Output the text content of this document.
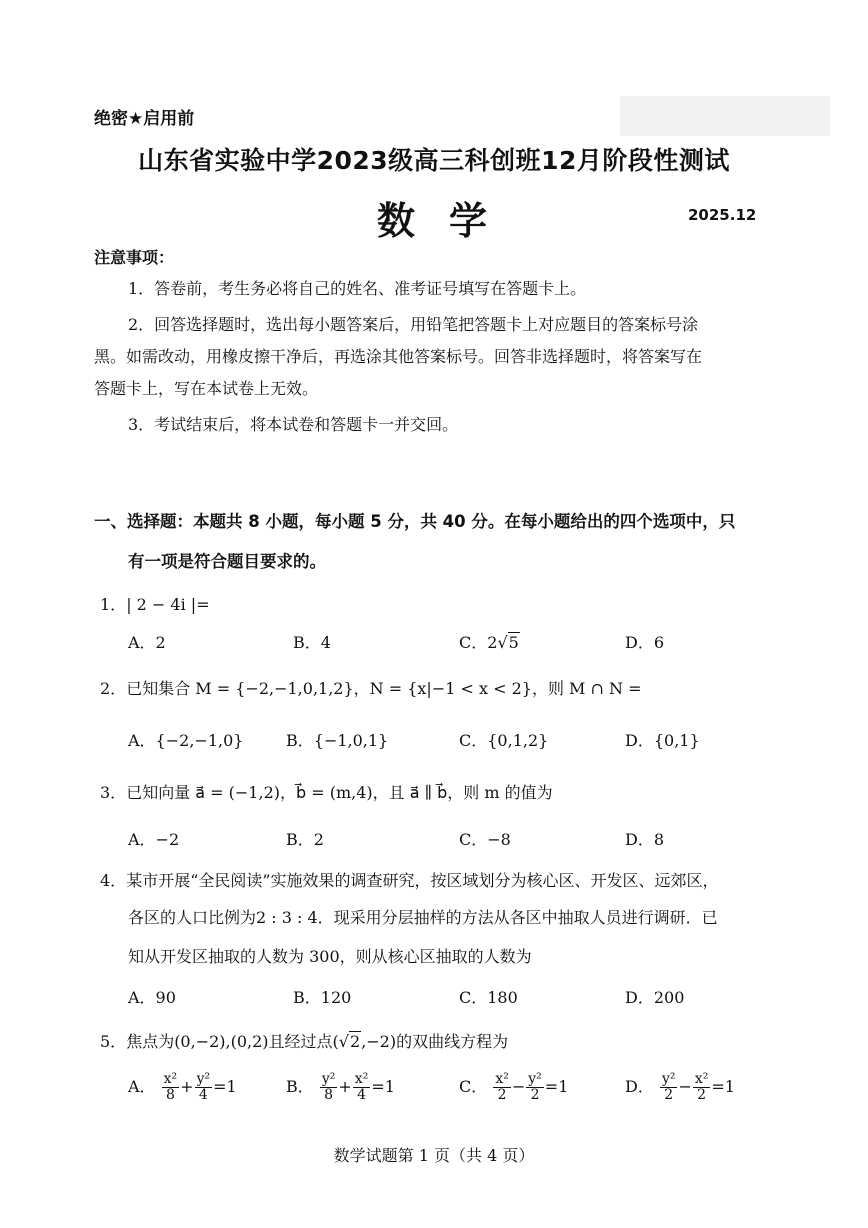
绝密★启用前
山东省实验中学2023级高三科创班12月阶段性测试
数学	2025.12
注意事项：
1．答卷前，考生务必将自己的姓名、准考证号填写在答题卡上。
2．回答选择题时，选出每小题答案后，用铅笔把答题卡上对应题目的答案标号涂
黑。如需改动，用橡皮擦干净后，再选涂其他答案标号。回答非选择题时，将答案写在
答题卡上，写在本试卷上无效。
3．考试结束后，将本试卷和答题卡一并交回。
一、选择题：本题共 8 小题，每小题 5 分，共 40 分。在每小题给出的四个选项中，只
有一项是符合题目要求的。
1．| 2 − 4i |=
A．2	B．4	C．2√5	D．6
2．已知集合 M = {−2,−1,0,1,2}，N = {x|−1 < x < 2}，则 M ∩ N =
A．{−2,−1,0}	B．{−1,0,1}	C．{0,1,2}	D．{0,1}
3．已知向量 a⃗ = (−1,2)，b⃗ = (m,4)，且 a⃗ ∥ b⃗，则 m 的值为
A．−2	B．2	C．−8	D．8
4．某市开展“全民阅读”实施效果的调查研究，按区域划分为核心区、开发区、远郊区，
各区的人口比例为2 : 3 : 4．现采用分层抽样的方法从各区中抽取人员进行调研．已
知从开发区抽取的人数为 300，则从核心区抽取的人数为
A．90	B．120	C．180	D．200
5．焦点为(0,−2),(0,2)且经过点(√2,−2)的双曲线方程为
A． $\frac{\text{x²}}{8} + \frac{\text{y²}}{4} =1$	B． $\frac{\text{y²}}{8} + \frac{\text{x²}}{4} =1$	C． $\frac{\text{x²}}{2} - \frac{\text{y²}}{2} =1$	D． $\frac{\text{y²}}{2} - \frac{\text{x²}}{2} =1$
数学试题第 1 页（共 4 页）
